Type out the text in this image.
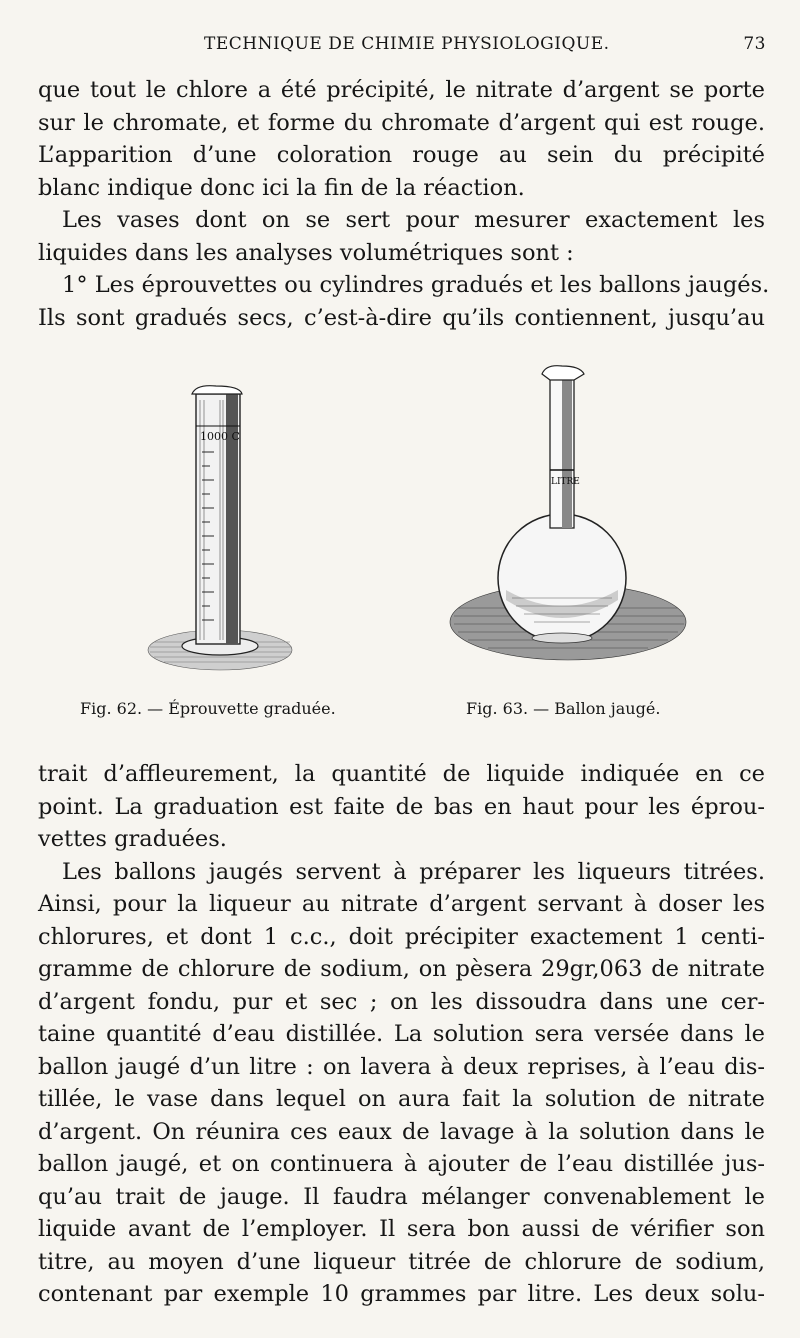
TECHNIQUE DE CHIMIE PHYSIOLOGIQUE.	73
que tout le chlore a été précipité, le nitrate d’argent se porte
sur le chromate, et forme du chromate d’argent qui est rouge.
L’apparition d’une coloration rouge au sein du précipité
blanc indique donc ici la fin de la réaction.
Les vases dont on se sert pour mesurer exactement les
liquides dans les analyses volumétriques sont :
1° Les éprouvettes ou cylindres gradués et les ballons jaugés.
Ils sont gradués secs, c’est-à-dire qu’ils contiennent, jusqu’au
1000 C
LITRE
Fig. 62. — Éprouvette graduée.	Fig. 63. — Ballon jaugé.
trait d’affleurement, la quantité de liquide indiquée en ce
point. La graduation est faite de bas en haut pour les éprou-
vettes graduées.
Les ballons jaugés servent à préparer les liqueurs titrées.
Ainsi, pour la liqueur au nitrate d’argent servant à doser les
chlorures, et dont 1 c.c., doit précipiter exactement 1 centi-
gramme de chlorure de sodium, on pèsera 29gr,063 de nitrate
d’argent fondu, pur et sec ; on les dissoudra dans une cer-
taine quantité d’eau distillée. La solution sera versée dans le
ballon jaugé d’un litre : on lavera à deux reprises, à l’eau dis-
tillée, le vase dans lequel on aura fait la solution de nitrate
d’argent. On réunira ces eaux de lavage à la solution dans le
ballon jaugé, et on continuera à ajouter de l’eau distillée jus-
qu’au trait de jauge. Il faudra mélanger convenablement le
liquide avant de l’employer. Il sera bon aussi de vérifier son
titre, au moyen d’une liqueur titrée de chlorure de sodium,
contenant par exemple 10 grammes par litre. Les deux solu-
